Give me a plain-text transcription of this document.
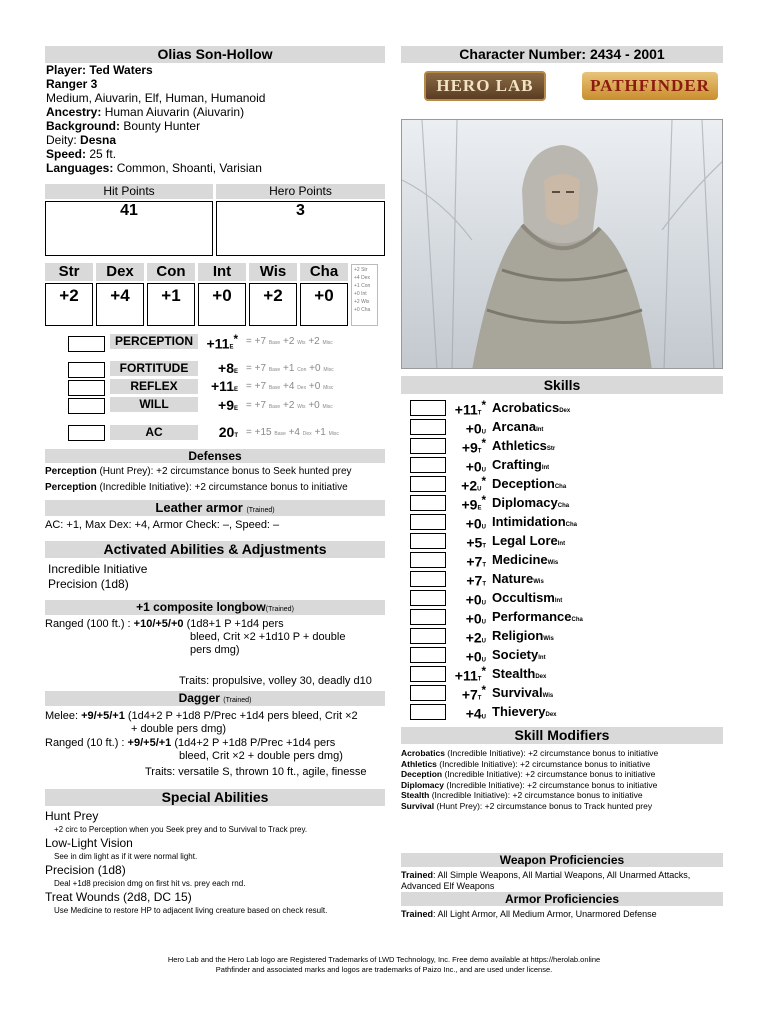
Olias Son-Hollow
Player: Ted Waters
Ranger 3
Medium, Aiuvarin, Elf, Human, Humanoid
Ancestry: Human Aiuvarin (Aiuvarin)
Background: Bounty Hunter
Deity: Desna
Speed: 25 ft.
Languages: Common, Shoanti, Varisian
Hit Points	Hero Points
41	3
Str	Dex	Con	Int	Wis	Cha
+2	+4	+1	+0	+2	+0
+2 Str
+4 Dex
+1 Con
+0 Int
+2 Wis
+0 Cha
PERCEPTION +11E* = +7 Base +2 Wis +2 Misc
FORTITUDE	+8E = +7 Base +1 Con +0 Misc
REFLEX	+11E = +7 Base +4 Dex +0 Misc
WILL	+9E = +7 Base +2 Wis +0 Misc
AC	20T = +15 Base +4 Dex +1 Misc
Defenses
Perception (Hunt Prey): +2 circumstance bonus to Seek hunted prey
Perception (Incredible Initiative): +2 circumstance bonus to initiative
Leather armor (Trained)
AC: +1, Max Dex: +4, Armor Check: –, Speed: –
Activated Abilities & Adjustments
Incredible Initiative
Precision (1d8)
+1 composite longbow(Trained)
Ranged (100 ft.) : +10/+5/+0 (1d8+1 P +1d4 pers
bleed, Crit ×2 +1d10 P + double
pers dmg)
Traits: propulsive, volley 30, deadly d10
Dagger (Trained)
Melee: +9/+5/+1 (1d4+2 P +1d8 P/Prec +1d4 pers bleed, Crit ×2
+ double pers dmg)
Ranged (10 ft.) : +9/+5/+1 (1d4+2 P +1d8 P/Prec +1d4 pers
bleed, Crit ×2 + double pers dmg)
Traits: versatile S, thrown 10 ft., agile, finesse
Special Abilities
Hunt Prey
+2 circ to Perception when you Seek prey and to Survival to Track prey.
Low-Light Vision
See in dim light as if it were normal light.
Precision (1d8)
Deal +1d8 precision dmg on first hit vs. prey each rnd.
Treat Wounds (2d8, DC 15)
Use Medicine to restore HP to adjacent living creature based on check result.
Character Number: 2434 - 2001
HERO LAB	PATHFINDER
Skills
+11T* AcrobaticsDex
+0U ArcanaInt
+9T* AthleticsStr
+0U CraftingInt
+2U* DeceptionCha
+9E* DiplomacyCha
+0U IntimidationCha
+5T Legal LoreInt
+7T MedicineWis
+7T NatureWis
+0U OccultismInt
+0U PerformanceCha
+2U ReligionWis
+0U SocietyInt
+11T* StealthDex
+7T* SurvivalWis
+4U ThieveryDex
Skill Modifiers
Acrobatics (Incredible Initiative): +2 circumstance bonus to initiative
Athletics (Incredible Initiative): +2 circumstance bonus to initiative
Deception (Incredible Initiative): +2 circumstance bonus to initiative
Diplomacy (Incredible Initiative): +2 circumstance bonus to initiative
Stealth (Incredible Initiative): +2 circumstance bonus to initiative
Survival (Hunt Prey): +2 circumstance bonus to Track hunted prey
Weapon Proficiencies
Trained: All Simple Weapons, All Martial Weapons, All Unarmed Attacks,
Advanced Elf Weapons
Armor Proficiencies
Trained: All Light Armor, All Medium Armor, Unarmored Defense
Hero Lab and the Hero Lab logo are Registered Trademarks of LWD Technology, Inc. Free demo available at https://herolab.online
Pathfinder and associated marks and logos are trademarks of Paizo Inc., and are used under license.
